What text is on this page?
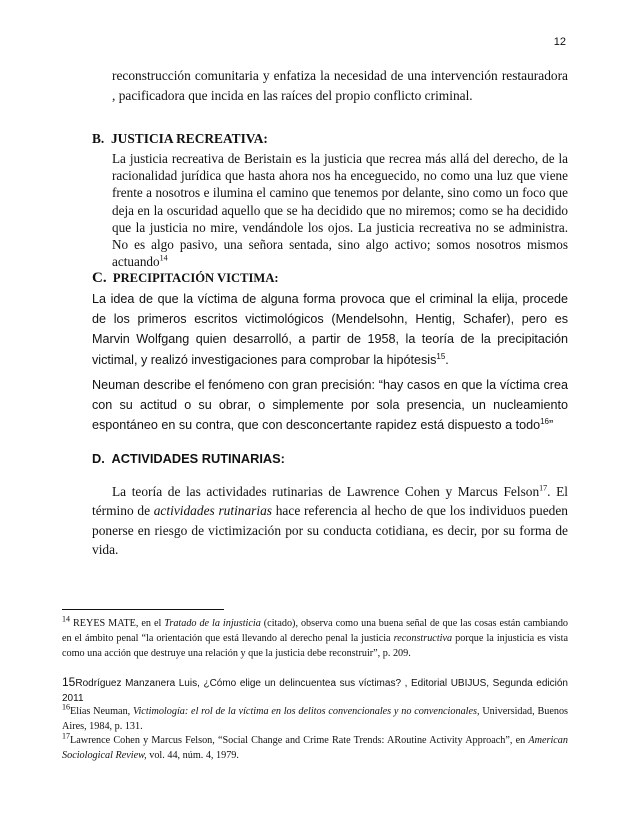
12
reconstrucción comunitaria y enfatiza la necesidad de una intervención restauradora , pacificadora que incida en las raíces del propio conflicto criminal.
B. JUSTICIA RECREATIVA:
La justicia recreativa de Beristain es la justicia que recrea más allá del derecho, de la racionalidad jurídica que hasta ahora nos ha enceguecido, no como una luz que viene frente a nosotros e ilumina el camino que tenemos por delante, sino como un foco que deja en la oscuridad aquello que se ha decidido que no miremos; como se ha decidido que la justicia no mire, vendándole los ojos. La justicia recreativa no se administra. No es algo pasivo, una señora sentada, sino algo activo; somos nosotros mismos actuando$^{14}$
C. PRECIPITACIÓN VICTIMA:
La idea de que la víctima de alguna forma provoca que el criminal la elija, procede de los primeros escritos victimológicos (Mendelsohn, Hentig, Schafer), pero es Marvin Wolfgang quien desarrolló, a partir de 1958, la teoría de la precipitación victimal, y realizó investigaciones para comprobar la hipótesis$^{15}$.
Neuman describe el fenómeno con gran precisión: “hay casos en que la víctima crea con su actitud o su obrar, o simplemente por sola presencia, un nucleamiento espontáneo en su contra, que con desconcertante rapidez está dispuesto a todo$^{16}$”
D. ACTIVIDADES RUTINARIAS:
La teoría de las actividades rutinarias de Lawrence Cohen y Marcus Felson$^{17}$. El término de actividades rutinarias hace referencia al hecho de que los individuos pueden ponerse en riesgo de victimización por su conducta cotidiana, es decir, por su forma de vida.
$^{14}$ REYES MATE, en el Tratado de la injusticia (citado), observa como una buena señal de que las cosas están cambiando en el ámbito penal “la orientación que está llevando al derecho penal la justicia reconstructiva porque la injusticia es vista como una acción que destruye una relación y que la justicia debe reconstruir”, p. 209.
15Rodríguez Manzanera Luis, ¿Cómo elige un delincuentea sus víctimas? , Editorial UBIJUS, Segunda edición 2011
$^{16}$Elías Neuman, Victimología: el rol de la víctima en los delitos convencionales y no convencionales, Universidad, Buenos Aires, 1984, p. 131.
$^{17}$Lawrence Cohen y Marcus Felson, “Social Change and Crime Rate Trends: ARoutine Activity Approach”, en American Sociological Review, vol. 44, núm. 4, 1979.
